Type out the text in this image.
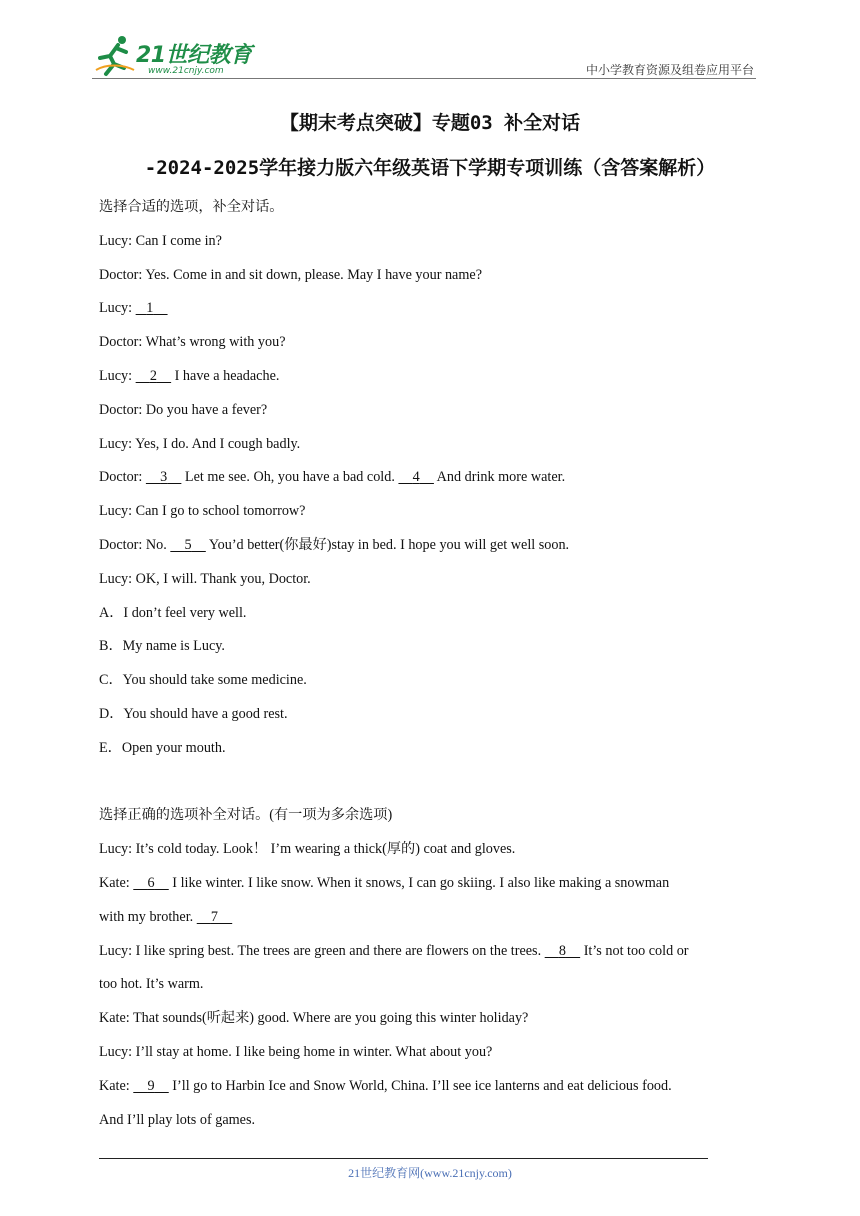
21世纪教育
www.21cnjy.com	中小学教育资源及组卷应用平台
【期末考点突破】专题03 补全对话
-2024-2025学年接力版六年级英语下学期专项训练（含答案解析）
选择合适的选项，补全对话。
Lucy: Can I come in?
Doctor: Yes. Come in and sit down, please. May I have your name?
Lucy:    1
Doctor: What’s wrong with you?
Lucy:     2     I have a headache.
Doctor: Do you have a fever?
Lucy: Yes, I do. And I cough badly.
Doctor:     3     Let me see. Oh, you have a bad cold.     4     And drink more water.
Lucy: Can I go to school tomorrow?
Doctor: No.     5     You’d better(你最好)stay in bed. I hope you will get well soon.
Lucy: OK, I will. Thank you, Doctor.
A．I don’t feel very well.
B．My name is Lucy.
C．You should take some medicine.
D．You should have a good rest.
E．Open your mouth.
选择正确的选项补全对话。(有一项为多余选项)
Lucy: It’s cold today. Look！ I’m wearing a thick(厚的) coat and gloves.
Kate:     6     I like winter. I like snow. When it snows, I can go skiing. I also like making a snowman
with my brother.     7
Lucy: I like spring best. The trees are green and there are flowers on the trees.     8     It’s not too cold or
too hot. It’s warm.
Kate: That sounds(听起来) good. Where are you going this winter holiday?
Lucy: I’ll stay at home. I like being home in winter. What about you?
Kate:     9     I’ll go to Harbin Ice and Snow World, China. I’ll see ice lanterns and eat delicious food.
And I’ll play lots of games.
21世纪教育网(www.21cnjy.com)
